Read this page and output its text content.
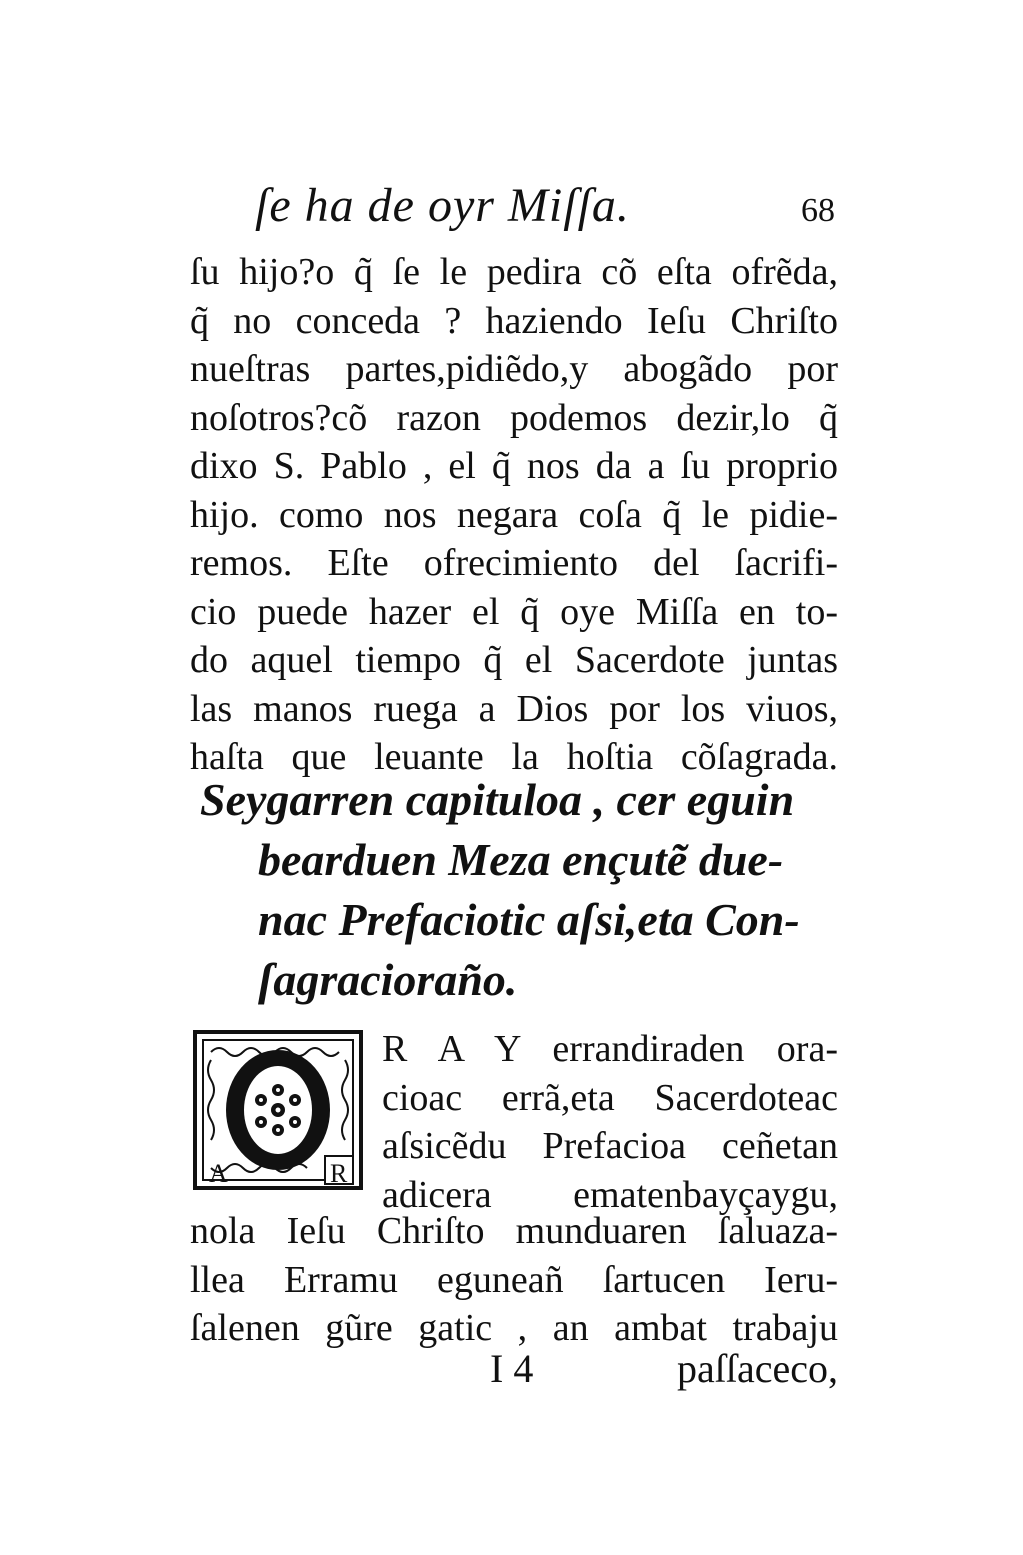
ſe ha de oyr Miſſa.	68
ſu hijo?o q̃ ſe le pedira cõ eſta ofrẽda,
q̃ no conceda ? haziendo Ieſu Chriſto
nueſtras partes,pidiẽdo,y abogãdo por
noſotros?cõ razon podemos dezir,lo q̃
dixo S. Pablo , el q̃ nos da a ſu proprio
hijo. como nos negara coſa q̃ le pidie-
remos. Eſte ofrecimiento del ſacrifi-
cio puede hazer el q̃ oye Miſſa en to-
do aquel tiempo q̃ el Sacerdote juntas
las manos ruega a Dios por los viuos,
haſta que leuante la hoſtia cõſagrada.
Seygarren capituloa , cer eguin
bearduen Meza ençutẽ due-
nac Prefaciotic aſsi,eta Con-
ſagracioraño.
A	R
R A Y errandiraden ora-
cioac errã,eta Sacerdoteac
aſsicẽdu Prefacioa ceñetan
adicera ematenbayçaygu,
nola Ieſu Chriſto munduaren ſaluaza-
llea Erramu eguneañ ſartucen Ieru-
ſalenen gũre gatic , an ambat trabaju
I 4	paſſaceco,
